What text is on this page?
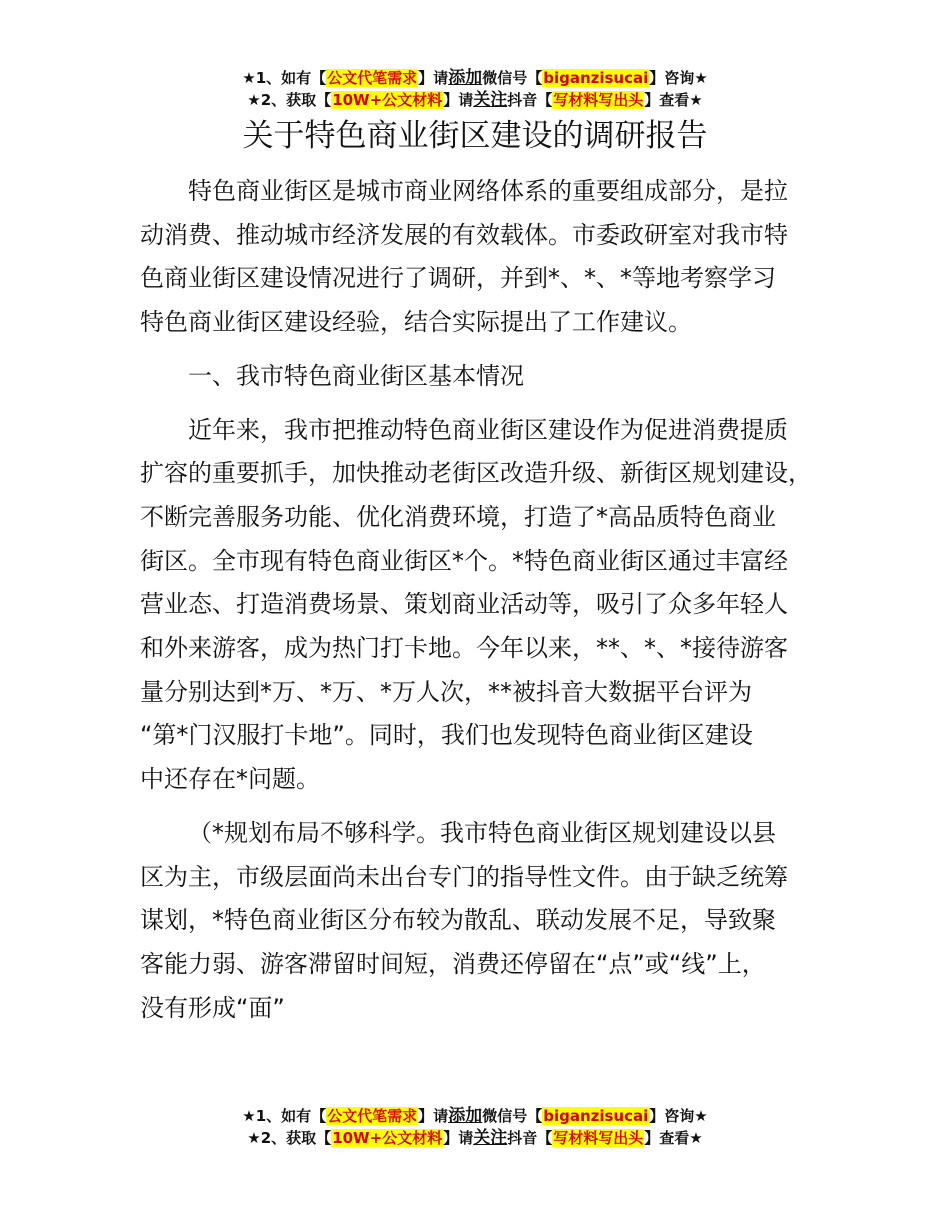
★1、如有【公文代笔需求】请添加微信号【biganzisucai】咨询★
★2、获取【10W+公文材料】请关注抖音【写材料写出头】查看★
关于特色商业街区建设的调研报告

特色商业街区是城市商业网络体系的重要组成部分，是拉
动消费、推动城市经济发展的有效载体。市委政研室对我市特
色商业街区建设情况进行了调研，并到*、*、*等地考察学习
特色商业街区建设经验，结合实际提出了工作建议。

一、我市特色商业街区基本情况

近年来，我市把推动特色商业街区建设作为促进消费提质
扩容的重要抓手，加快推动老街区改造升级、新街区规划建设，
不断完善服务功能、优化消费环境，打造了*高品质特色商业
街区。全市现有特色商业街区*个。*特色商业街区通过丰富经
营业态、打造消费场景、策划商业活动等，吸引了众多年轻人
和外来游客，成为热门打卡地。今年以来，**、*、*接待游客
量分别达到*万、*万、*万人次，**被抖音大数据平台评为
“第*门汉服打卡地”。同时，我们也发现特色商业街区建设
中还存在*问题。

（*规划布局不够科学。我市特色商业街区规划建设以县
区为主，市级层面尚未出台专门的指导性文件。由于缺乏统筹
谋划，*特色商业街区分布较为散乱、联动发展不足，导致聚
客能力弱、游客滞留时间短，消费还停留在“点”或“线”上，
没有形成“面”

★1、如有【公文代笔需求】请添加微信号【biganzisucai】咨询★
★2、获取【10W+公文材料】请关注抖音【写材料写出头】查看★
